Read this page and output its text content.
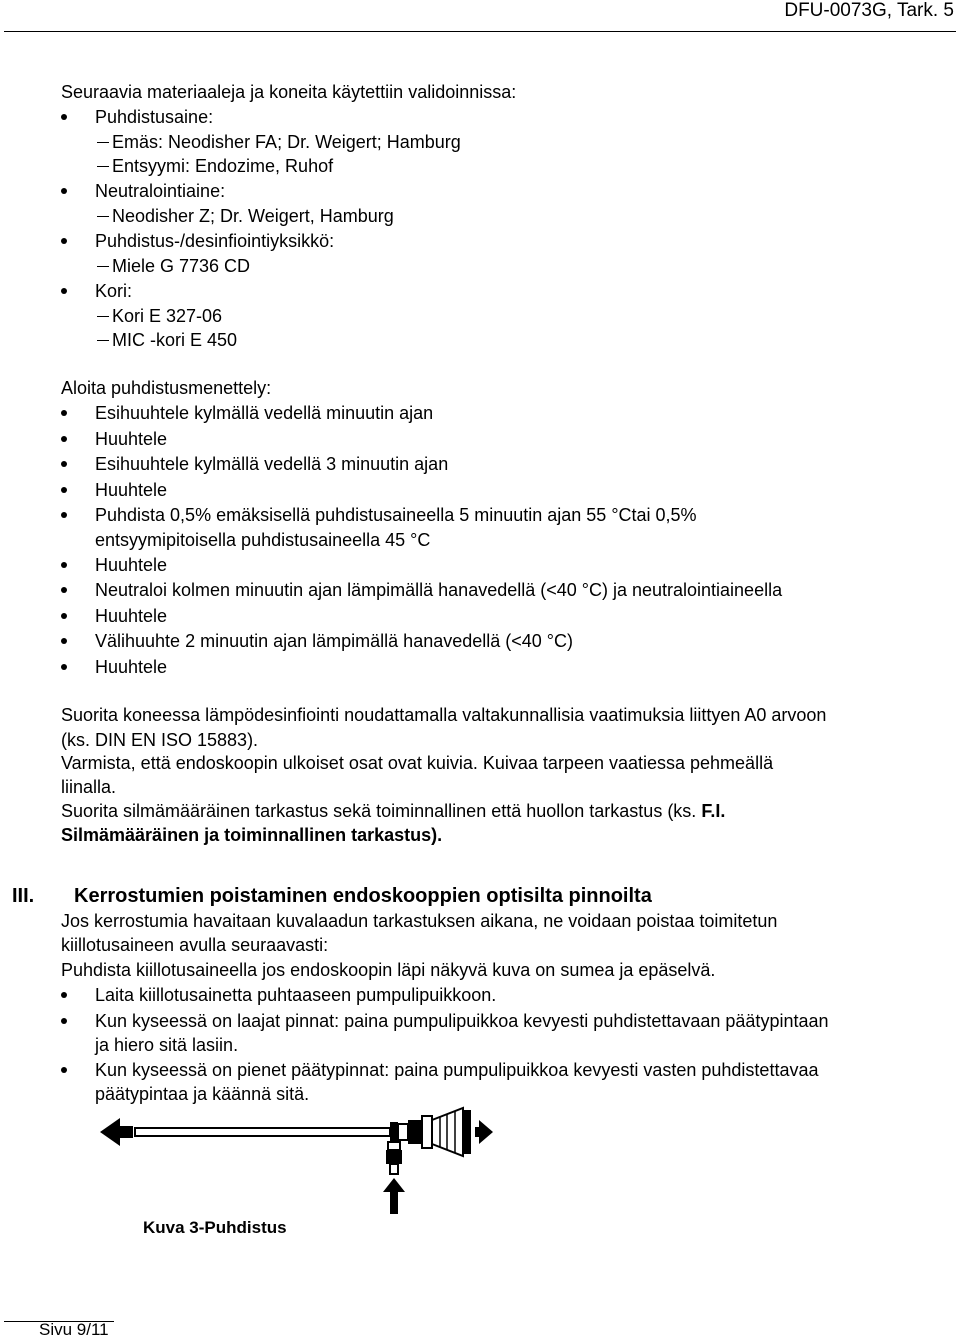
DFU-0073G, Tark. 5
Seuraavia materiaaleja ja koneita käytettiin validoinnissa:
Puhdistusaine:
Emäs: Neodisher FA; Dr. Weigert; Hamburg
Entsyymi: Endozime, Ruhof
Neutralointiaine:
Neodisher Z; Dr. Weigert, Hamburg
Puhdistus-/desinfiointiyksikkö:
Miele G 7736 CD
Kori:
Kori E 327-06
MIC -kori E 450
Aloita puhdistusmenettely:
Esihuuhtele kylmällä vedellä minuutin ajan
Huuhtele
Esihuuhtele kylmällä vedellä 3 minuutin ajan
Huuhtele
Puhdista 0,5% emäksisellä puhdistusaineella 5 minuutin ajan 55 °Ctai 0,5%
entsyymipitoisella puhdistusaineella 45 °C
Huuhtele
Neutraloi kolmen minuutin ajan lämpimällä hanavedellä (<40 °C) ja neutralointiaineella
Huuhtele
Välihuuhte 2 minuutin ajan lämpimällä hanavedellä (<40 °C)
Huuhtele
Suorita koneessa lämpödesinfiointi noudattamalla valtakunnallisia vaatimuksia liittyen A0 arvoon
(ks. DIN EN ISO 15883).
Varmista, että endoskoopin ulkoiset osat ovat kuivia. Kuivaa tarpeen vaatiessa pehmeällä
liinalla.
Suorita silmämääräinen tarkastus sekä toiminnallinen että huollon tarkastus (ks. F.I.
Silmämääräinen ja toiminnallinen tarkastus).
III. Kerrostumien poistaminen endoskooppien optisilta pinnoilta
Jos kerrostumia havaitaan kuvalaadun tarkastuksen aikana, ne voidaan poistaa toimitetun
kiillotusaineen avulla seuraavasti:
Puhdista kiillotusaineella jos endoskoopin läpi näkyvä kuva on sumea ja epäselvä.
Laita kiillotusainetta puhtaaseen pumpulipuikkoon.
Kun kyseessä on laajat pinnat: paina pumpulipuikkoa kevyesti puhdistettavaan päätypintaan
ja hiero sitä lasiin.
Kun kyseessä on pienet päätypinnat: paina pumpulipuikkoa kevyesti vasten puhdistettavaa
päätypintaa ja käännä sitä.
Kuva 3-Puhdistus
Sivu 9/11
